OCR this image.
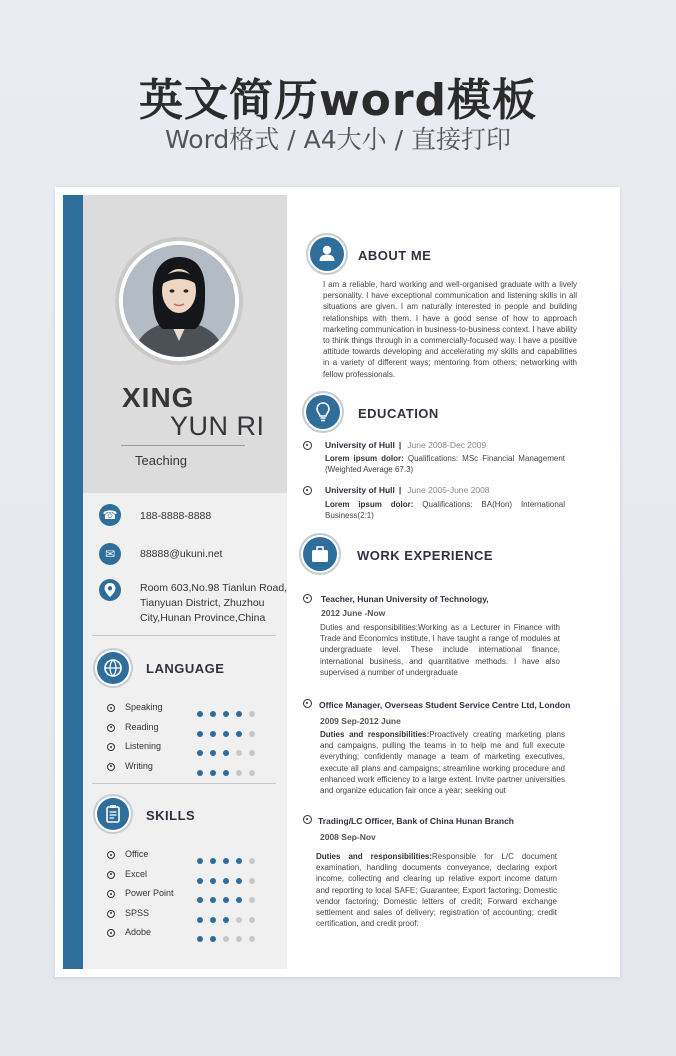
英文简历word模板
Word格式 / A4大小 / 直接打印
XING
YUN RI
Teaching
☎	188-8888-8888
✉	88888@ukuni.net
Room 603,No.98 Tianlun Road,
Tianyuan District, Zhuzhou
City,Hunan Province,China
LANGUAGE
Speaking
Reading
Listening
Writing
SKILLS
Office
Excel
Power Point
SPSS
Adobe
ABOUT ME
I am a reliable, hard working and well-organised graduate with a lively personality. I have exceptional communication and listening skills in all situations are given. I am naturally interested in people and building relationships with them. I have a good sense of how to approach marketing communication in business-to-business context. I have ability to think things through in a commercially-focused way. I have a positive attitude towards developing and accelerating my skills and capabilities in a variety of different ways; mentoring from others; networking with fellow professionals.
EDUCATION
University of Hull | June 2008-Dec 2009
Lorem ipsum dolor: Qualifications: MSc Financial Management (Weighted Average 67.3)
University of Hull | June 2005-June 2008
Lorem ipsum dolor: Qualifications: BA(Hon) International Business(2:1)
WORK EXPERIENCE
Teacher, Hunan University of Technology,
2012 June -Now
Duties and responsibilities:Working as a Lecturer in Finance with Trade and Economics institute, I have taught a range of modules at undergraduate level. These include international finance, international business, and quantitative methods. I have also supervised a number of undergraduate
Office Manager, Overseas Student Service Centre Ltd, London
2009 Sep-2012 June
Duties and responsibilities:Proactively creating marketing plans and campaigns, pulling the teams in to help me and full execute everything; confidently manage a team of marketing executives, execute all plans and campaigns; streamline working procedure and enhanced work efficiency to a large extent. Invite partner universities and organize education fair once a year; seeking out
Trading/LC Officer, Bank of China Hunan Branch
2008 Sep-Nov
Duties and responsibilities:Responsible for L/C document examination, handling documents conveyance, declaring export income, collecting and clearing up relative export income datum and reporting to local SAFE; Guarantee; Export factoring; Domestic vendor factoring; Domestic letters of credit; Forward exchange settlement and sales of delivery; registration of accounting; credit certification, and credit proof.
